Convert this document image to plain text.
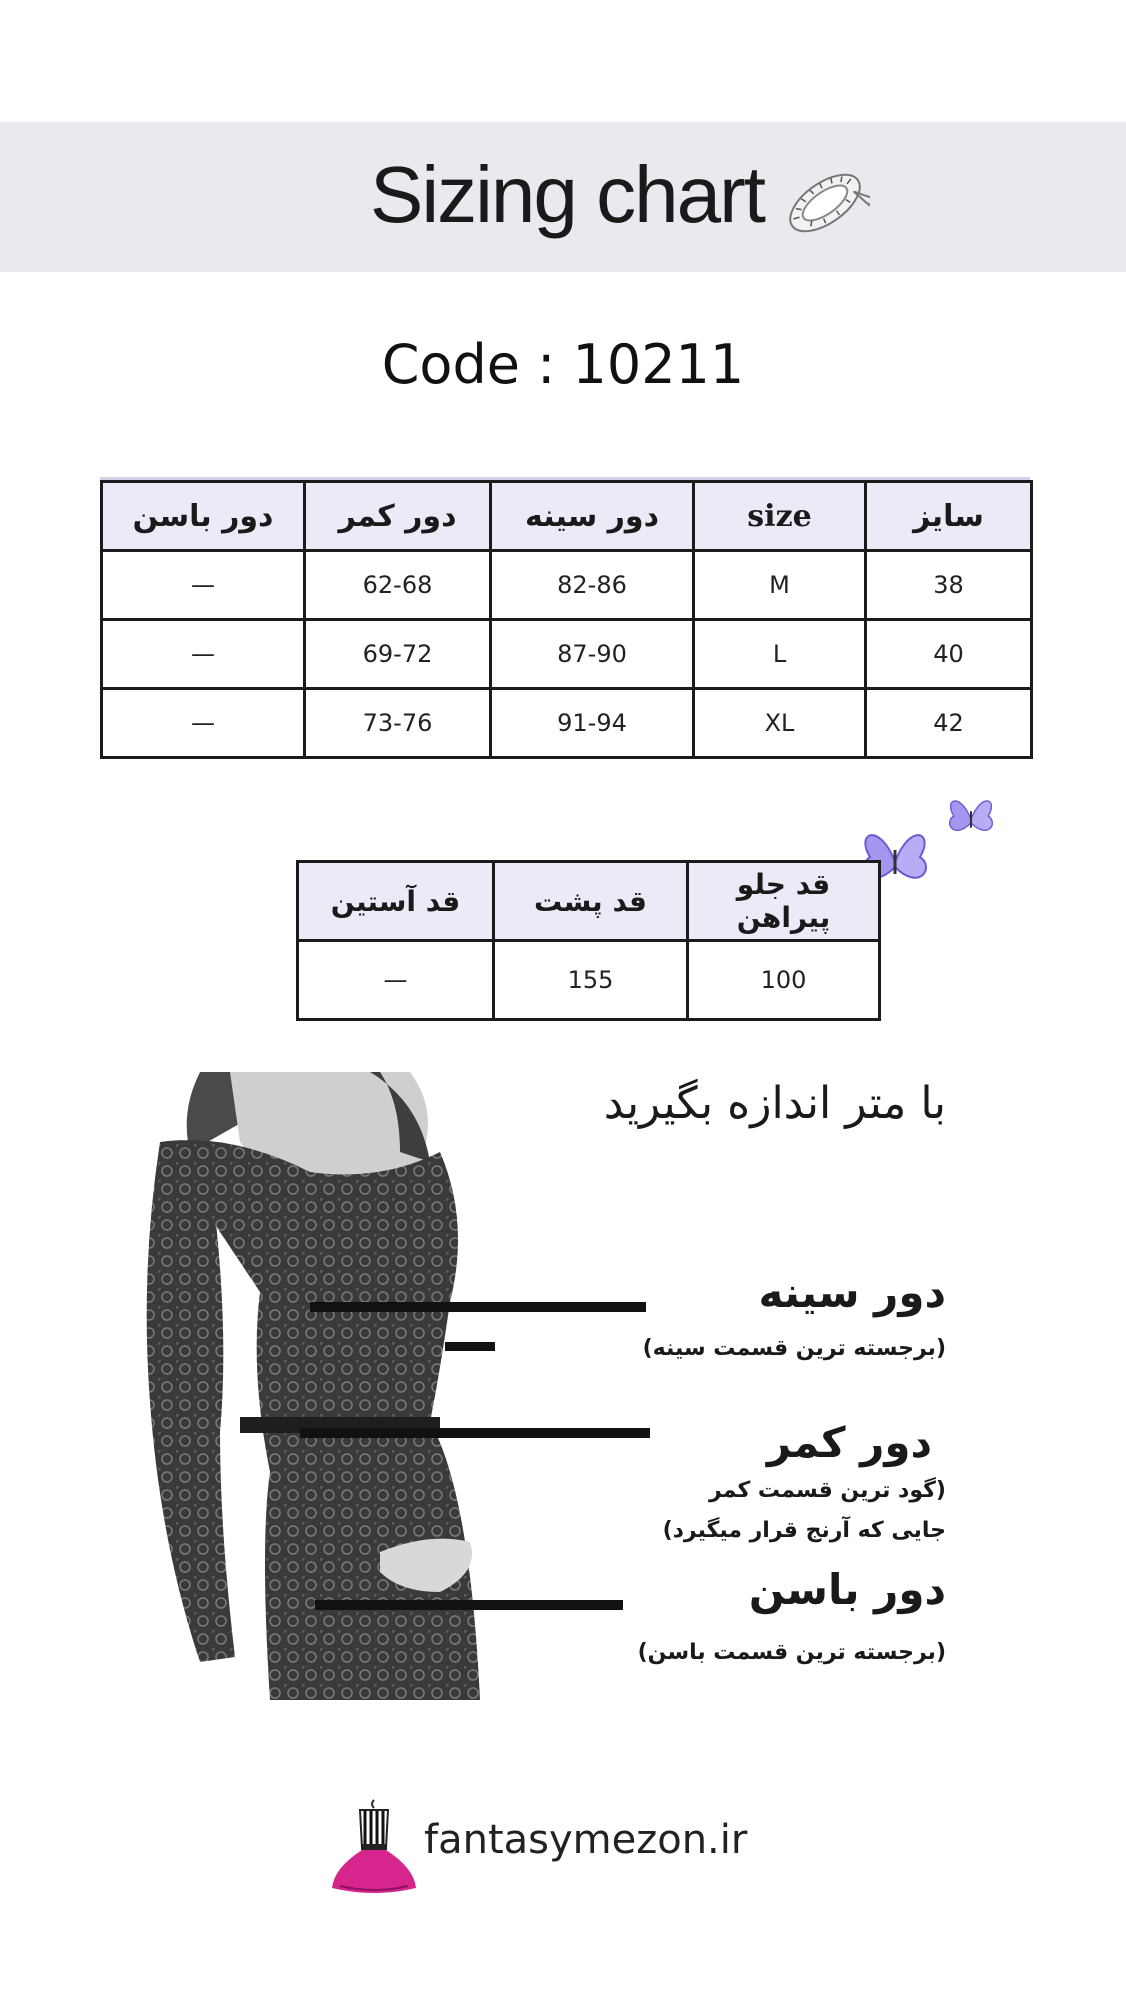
Sizing chart
Code : 10211
دور باسن	دور کمر	دور سینه	size	سایز
—	62-68	82-86	M	38
—	69-72	87-90	L	40
—	73-76	91-94	XL	42
قد آستین	قد پشت	قد جلو پیراهن
—	155	100
با متر اندازه بگیرید
دور سینه
(برجسته ترین قسمت سینه)
دور کمر
(گود ترین قسمت کمر
جایی که آرنج قرار میگیرد)
دور باسن
(برجسته ترین قسمت باسن)
fantasymezon.ir
